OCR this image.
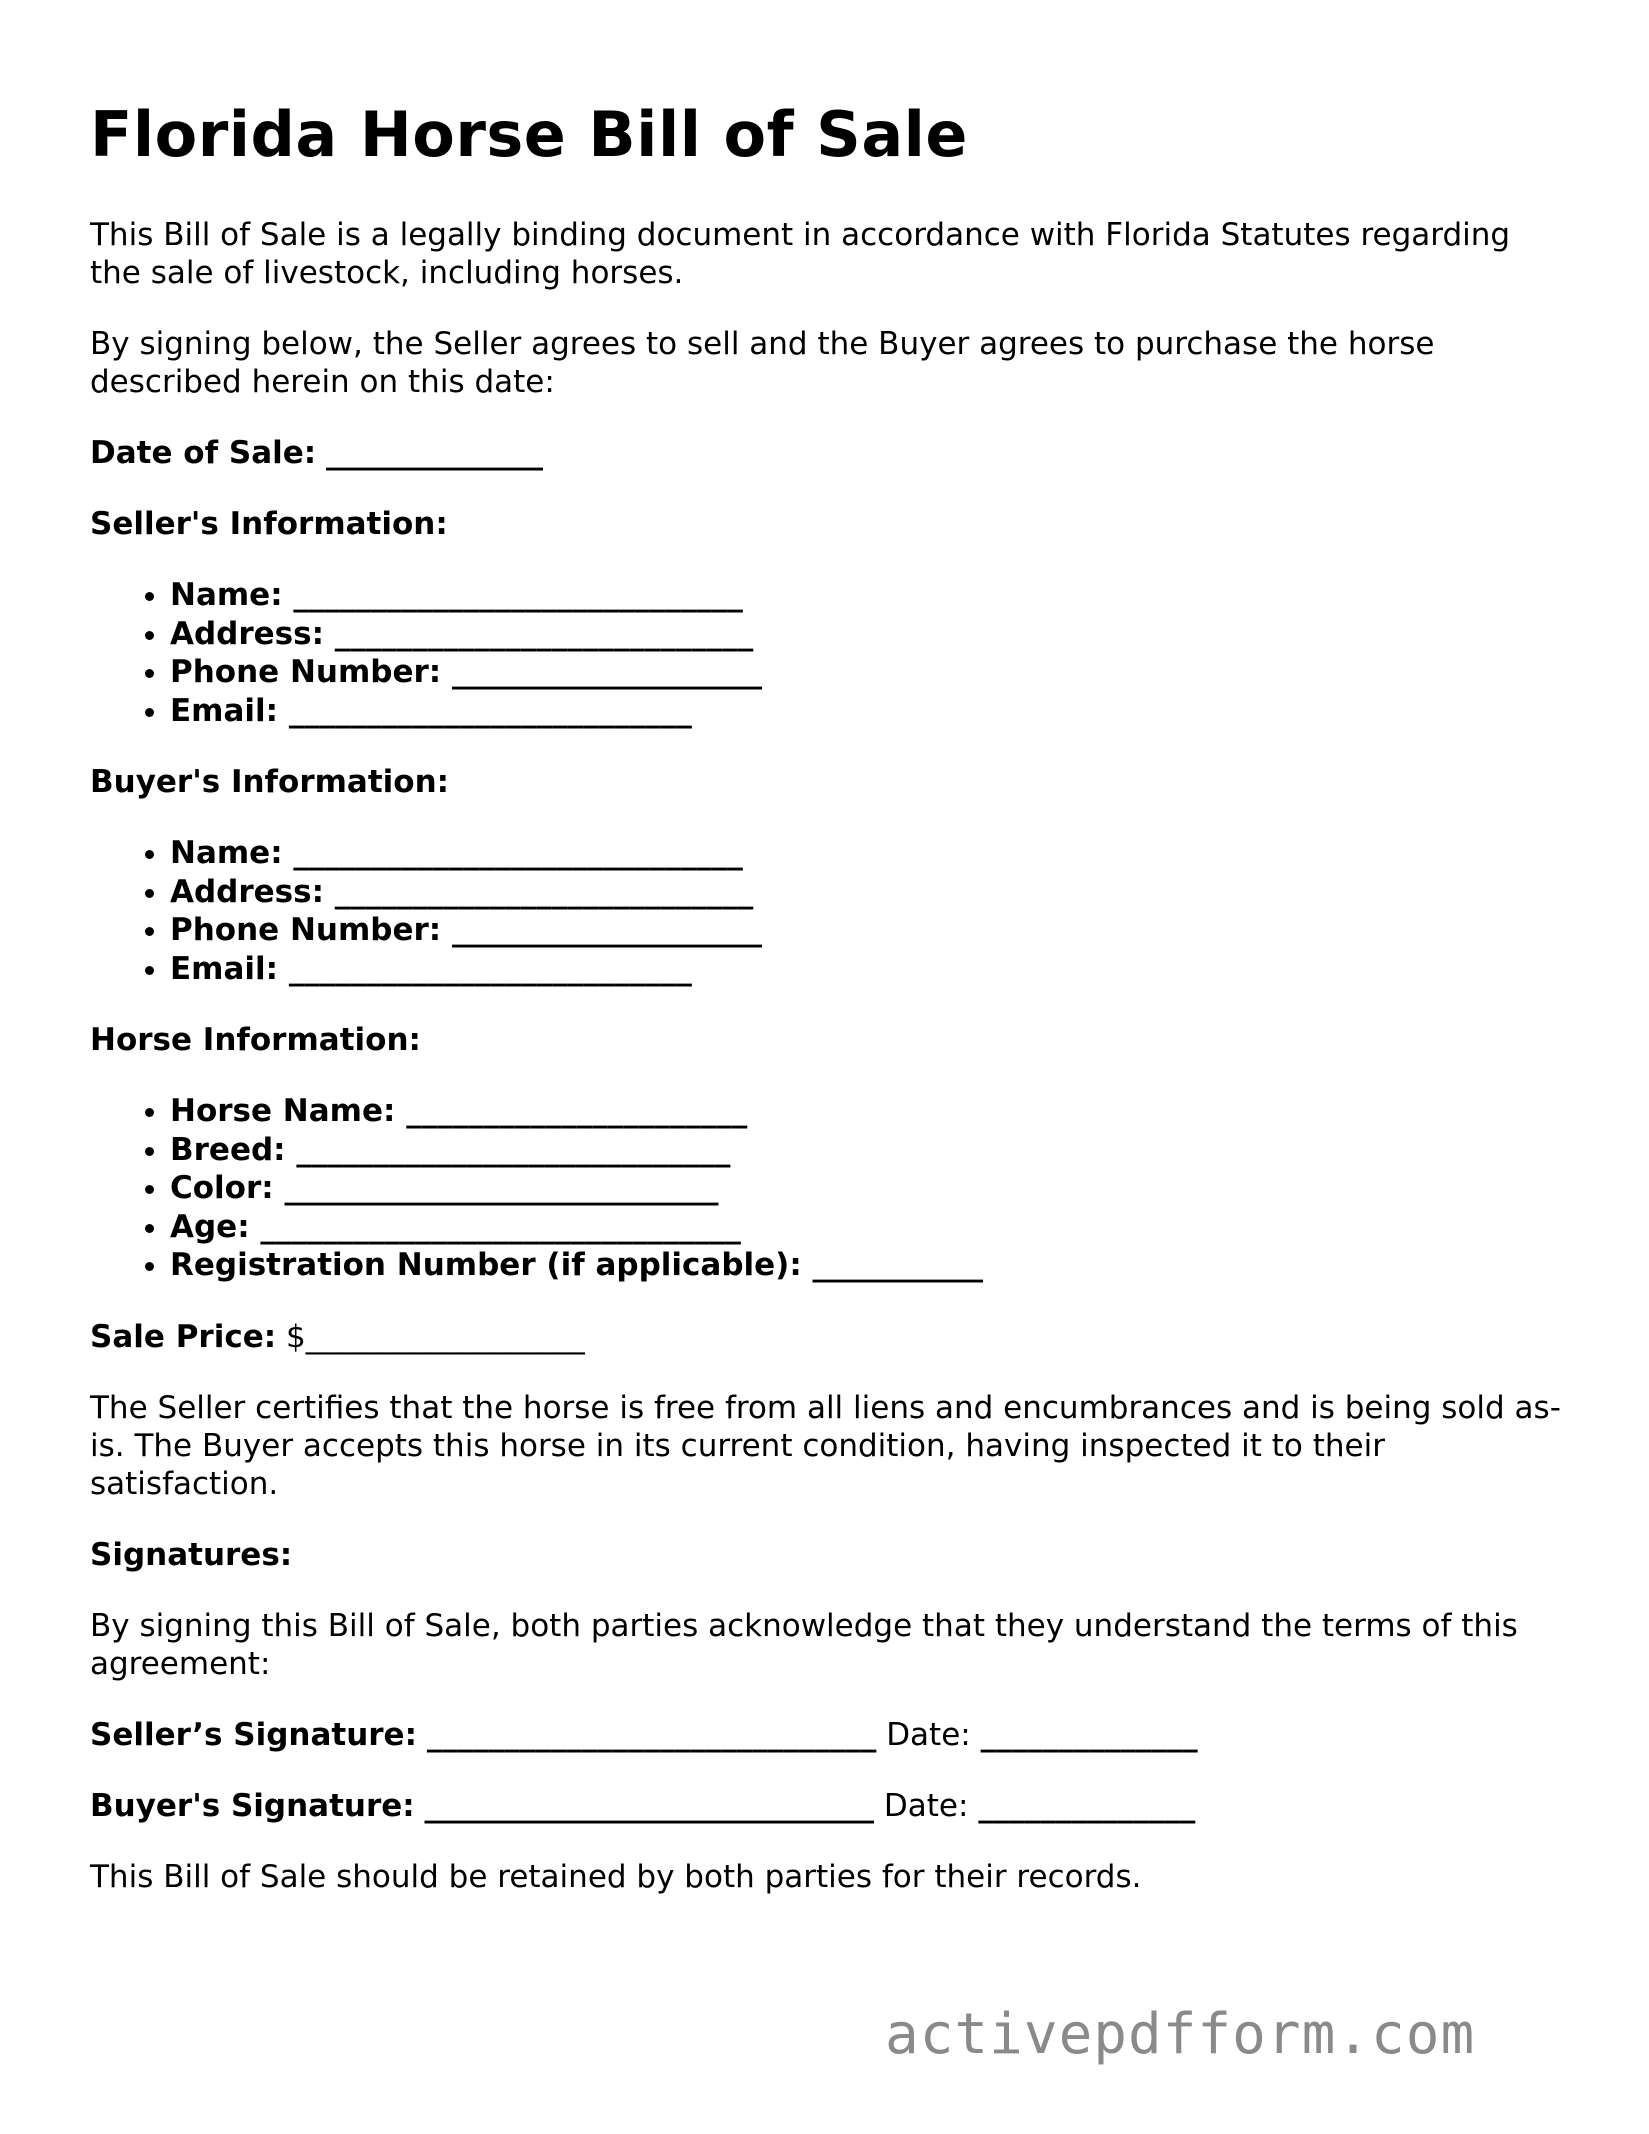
Florida Horse Bill of Sale

This Bill of Sale is a legally binding document in accordance with Florida Statutes regarding the sale of livestock, including horses.

By signing below, the Seller agrees to sell and the Buyer agrees to purchase the horse described herein on this date:

Date of Sale: ______________

Seller's Information:

• Name: _____________________________
• Address: ___________________________
• Phone Number: ____________________
• Email: __________________________

Buyer's Information:

• Name: _____________________________
• Address: ___________________________
• Phone Number: ____________________
• Email: __________________________

Horse Information:

• Horse Name: ______________________
• Breed: ____________________________
• Color: ____________________________
• Age: _______________________________
• Registration Number (if applicable): ___________

Sale Price: $__________________

The Seller certifies that the horse is free from all liens and encumbrances and is being sold as-is. The Buyer accepts this horse in its current condition, having inspected it to their satisfaction.

Signatures:

By signing this Bill of Sale, both parties acknowledge that they understand the terms of this agreement:

Seller’s Signature: _____________________________ Date: ______________

Buyer's Signature: _____________________________ Date: ______________

This Bill of Sale should be retained by both parties for their records.

activepdfform.com
